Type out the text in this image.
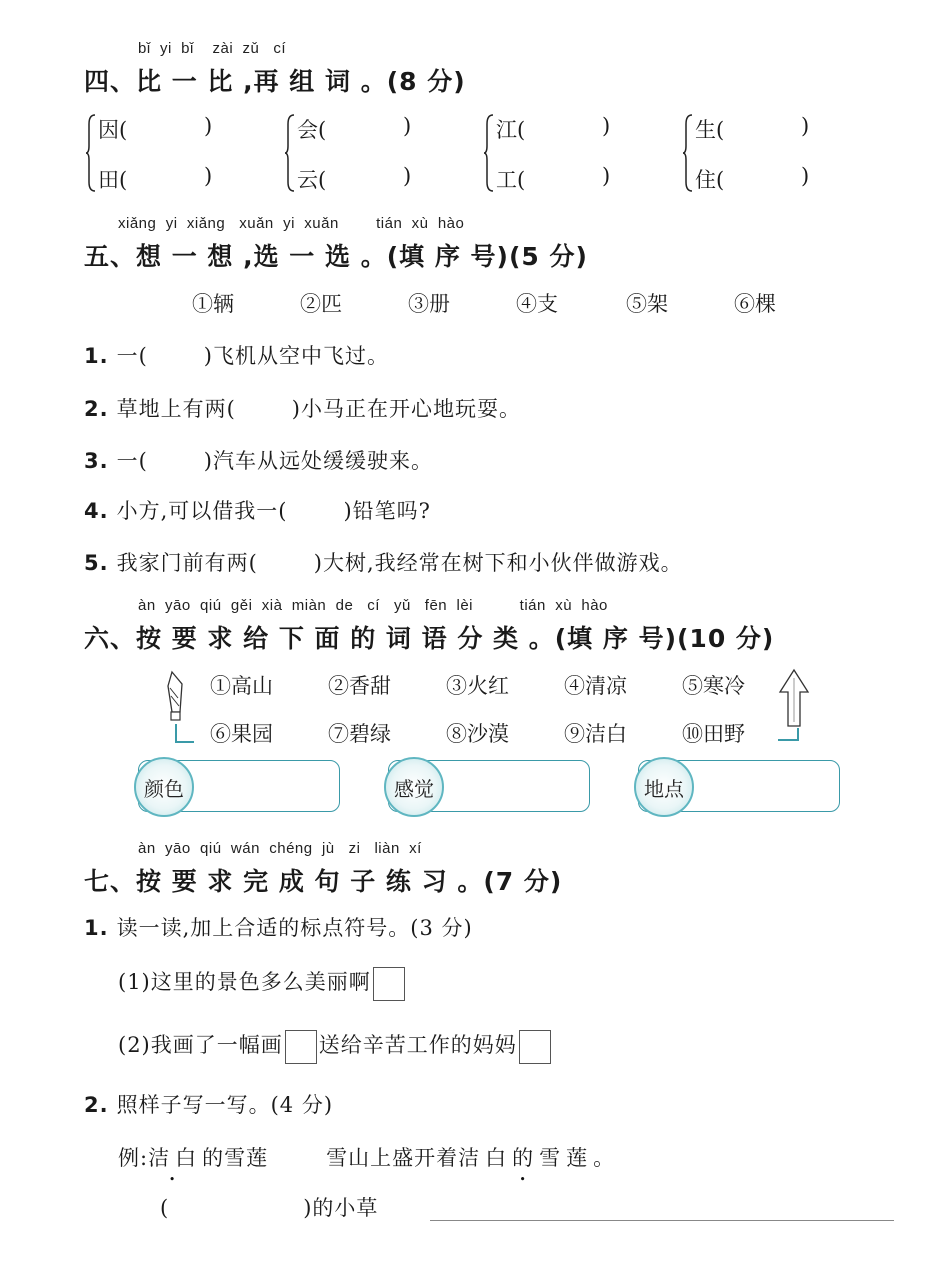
bǐ  yi  bǐ    zài  zǔ   cí
四、比 一 比 ,再 组 词 。(8 分)
因(	)
田(	)
会(	)
云(	)
江(	)
工(	)
生(	)
住(	)
xiǎng  yi  xiǎng   xuǎn  yi  xuǎn        tián  xù  hào
五、想 一 想 ,选 一 选 。(填 序 号)(5 分)
①辆	②匹	③册	④支	⑤架	⑥棵
1. 一(	)飞机从空中飞过。
2. 草地上有两(	)小马正在开心地玩耍。
3. 一(	)汽车从远处缓缓驶来。
4. 小方,可以借我一(	)铅笔吗?
5. 我家门前有两(	)大树,我经常在树下和小伙伴做游戏。
àn  yāo  qiú  gěi  xià  miàn  de   cí   yǔ   fēn  lèi          tián  xù  hào
六、按 要 求 给 下 面 的 词 语 分 类 。(填 序 号)(10 分)
①高山	②香甜	③火红	④清凉	⑤寒冷
⑥果园	⑦碧绿	⑧沙漠	⑨洁白	⑩田野
颜色	感觉	地点
àn  yāo  qiú  wán  chéng  jù   zi   liàn  xí
七、按 要 求 完 成 句 子 练 习 。(7 分)
1. 读一读,加上合适的标点符号。(3 分)
(1)这里的景色多么美丽啊
(2)我画了一幅画 送给辛苦工作的妈妈
2. 照样子写一写。(4 分)
例:洁白的雪莲	雪山上盛开着洁白的雪莲 •。
(	)的小草
